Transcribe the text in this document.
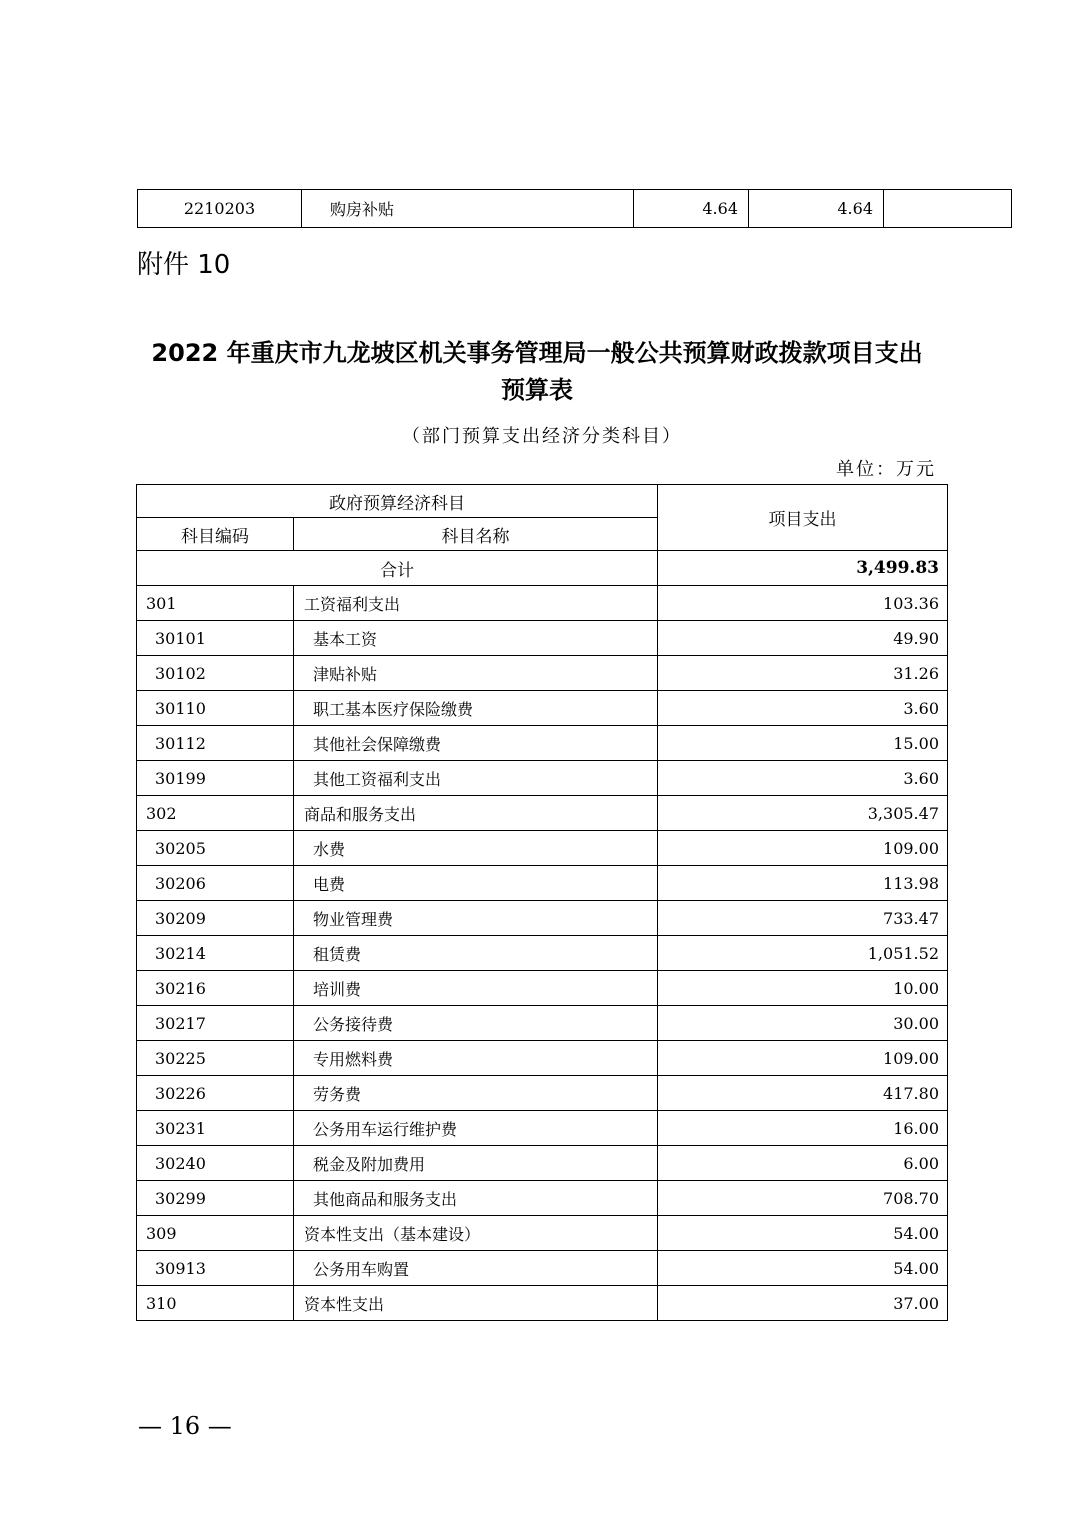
2210203	购房补贴	4.64	4.64	
附件 10
2022 年重庆市九龙坡区机关事务管理局一般公共预算财政拨款项目支出
预算表
（部门预算支出经济分类科目）
单位：万元
政府预算经济科目		项目支出
科目编码	科目名称	
合计		3,499.83
301	工资福利支出	103.36
30101	基本工资	49.90
30102	津贴补贴	31.26
30110	职工基本医疗保险缴费	3.60
30112	其他社会保障缴费	15.00
30199	其他工资福利支出	3.60
302	商品和服务支出	3,305.47
30205	水费	109.00
30206	电费	113.98
30209	物业管理费	733.47
30214	租赁费	1,051.52
30216	培训费	10.00
30217	公务接待费	30.00
30225	专用燃料费	109.00
30226	劳务费	417.80
30231	公务用车运行维护费	16.00
30240	税金及附加费用	6.00
30299	其他商品和服务支出	708.70
309	资本性支出（基本建设）	54.00
30913	公务用车购置	54.00
310	资本性支出	37.00
— 16 —
